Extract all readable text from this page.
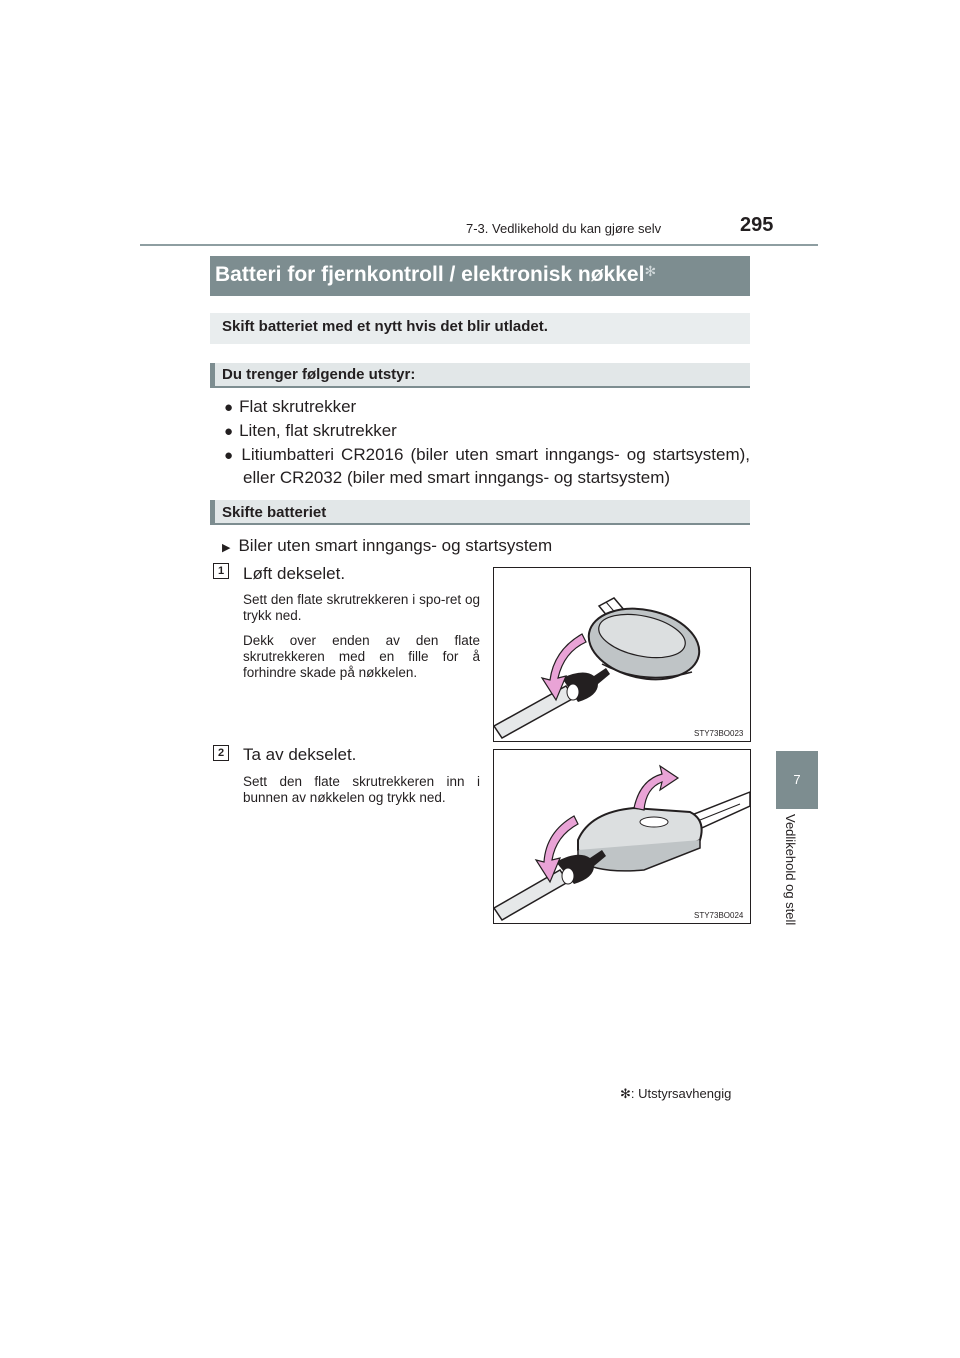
7-3. Vedlikehold du kan gjøre selv	295
7
Vedlikehold og stell
Batteri for fjernkontroll / elektronisk nøkkel✻
Skift batteriet med et nytt hvis det blir utladet.
Du trenger følgende utstyr:
● Flat skrutrekker
● Liten, flat skrutrekker
● Litiumbatteri CR2016 (biler uten smart inngangs- og startsystem),
eller CR2032 (biler med smart inngangs- og startsystem)
Skifte batteriet
▶ Biler uten smart inngangs- og startsystem
1 Løft dekselet.
Sett den flate skrutrekkeren i spo-ret og trykk ned.
Dekk over enden av den flate skrutrekkeren med en fille for å forhindre skade på nøkkelen.
STY73BO023
2 Ta av dekselet.
Sett den flate skrutrekkeren inn i bunnen av nøkkelen og trykk ned.
STY73BO024
✻: Utstyrsavhengig
